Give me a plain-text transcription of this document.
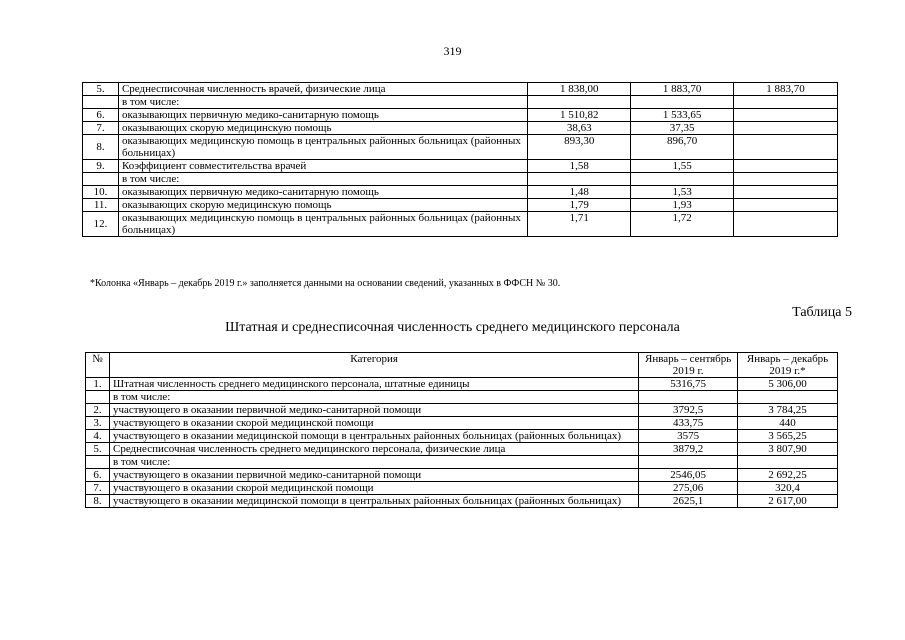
319
5.	Среднесписочная численность врачей, физические лица	1 838,00	1 883,70	1 883,70
	в том числе:			
6.	оказывающих первичную медико-санитарную помощь	1 510,82	1 533,65	
7.	оказывающих скорую медицинскую помощь	38,63	37,35	
8.	оказывающих медицинскую помощь в центральных районных больницах (районных больницах)	893,30	896,70	
9.	Коэффициент совместительства врачей	1,58	1,55	
	в том числе:			
10.	оказывающих первичную медико-санитарную помощь	1,48	1,53	
11.	оказывающих скорую медицинскую помощь	1,79	1,93	
12.	оказывающих медицинскую помощь в центральных районных больницах (районных больницах)	1,71	1,72	
*Колонка «Январь – декабрь 2019 г.» заполняется данными на основании сведений, указанных в ФФСН № 30.
Таблица 5
Штатная и среднесписочная численность среднего медицинского персонала
№	Категория	Январь – сентябрь 2019 г.	Январь – декабрь 2019 г.*
1.	Штатная численность среднего медицинского персонала, штатные единицы	5316,75	5 306,00
	в том числе:		
2.	участвующего в оказании первичной медико-санитарной помощи	3792,5	3 784,25
3.	участвующего в оказании скорой медицинской помощи	433,75	440
4.	участвующего в оказании медицинской помощи в центральных районных больницах (районных больницах)	3575	3 565,25
5.	Среднесписочная численность среднего медицинского персонала, физические лица	3879,2	3 807,90
	в том числе:		
6.	участвующего в оказании первичной медико-санитарной помощи	2546,05	2 692,25
7.	участвующего в оказании скорой медицинской помощи	275,06	320,4
8.	участвующего в оказании медицинской помощи в центральных районных больницах (районных больницах)	2625,1	2 617,00
